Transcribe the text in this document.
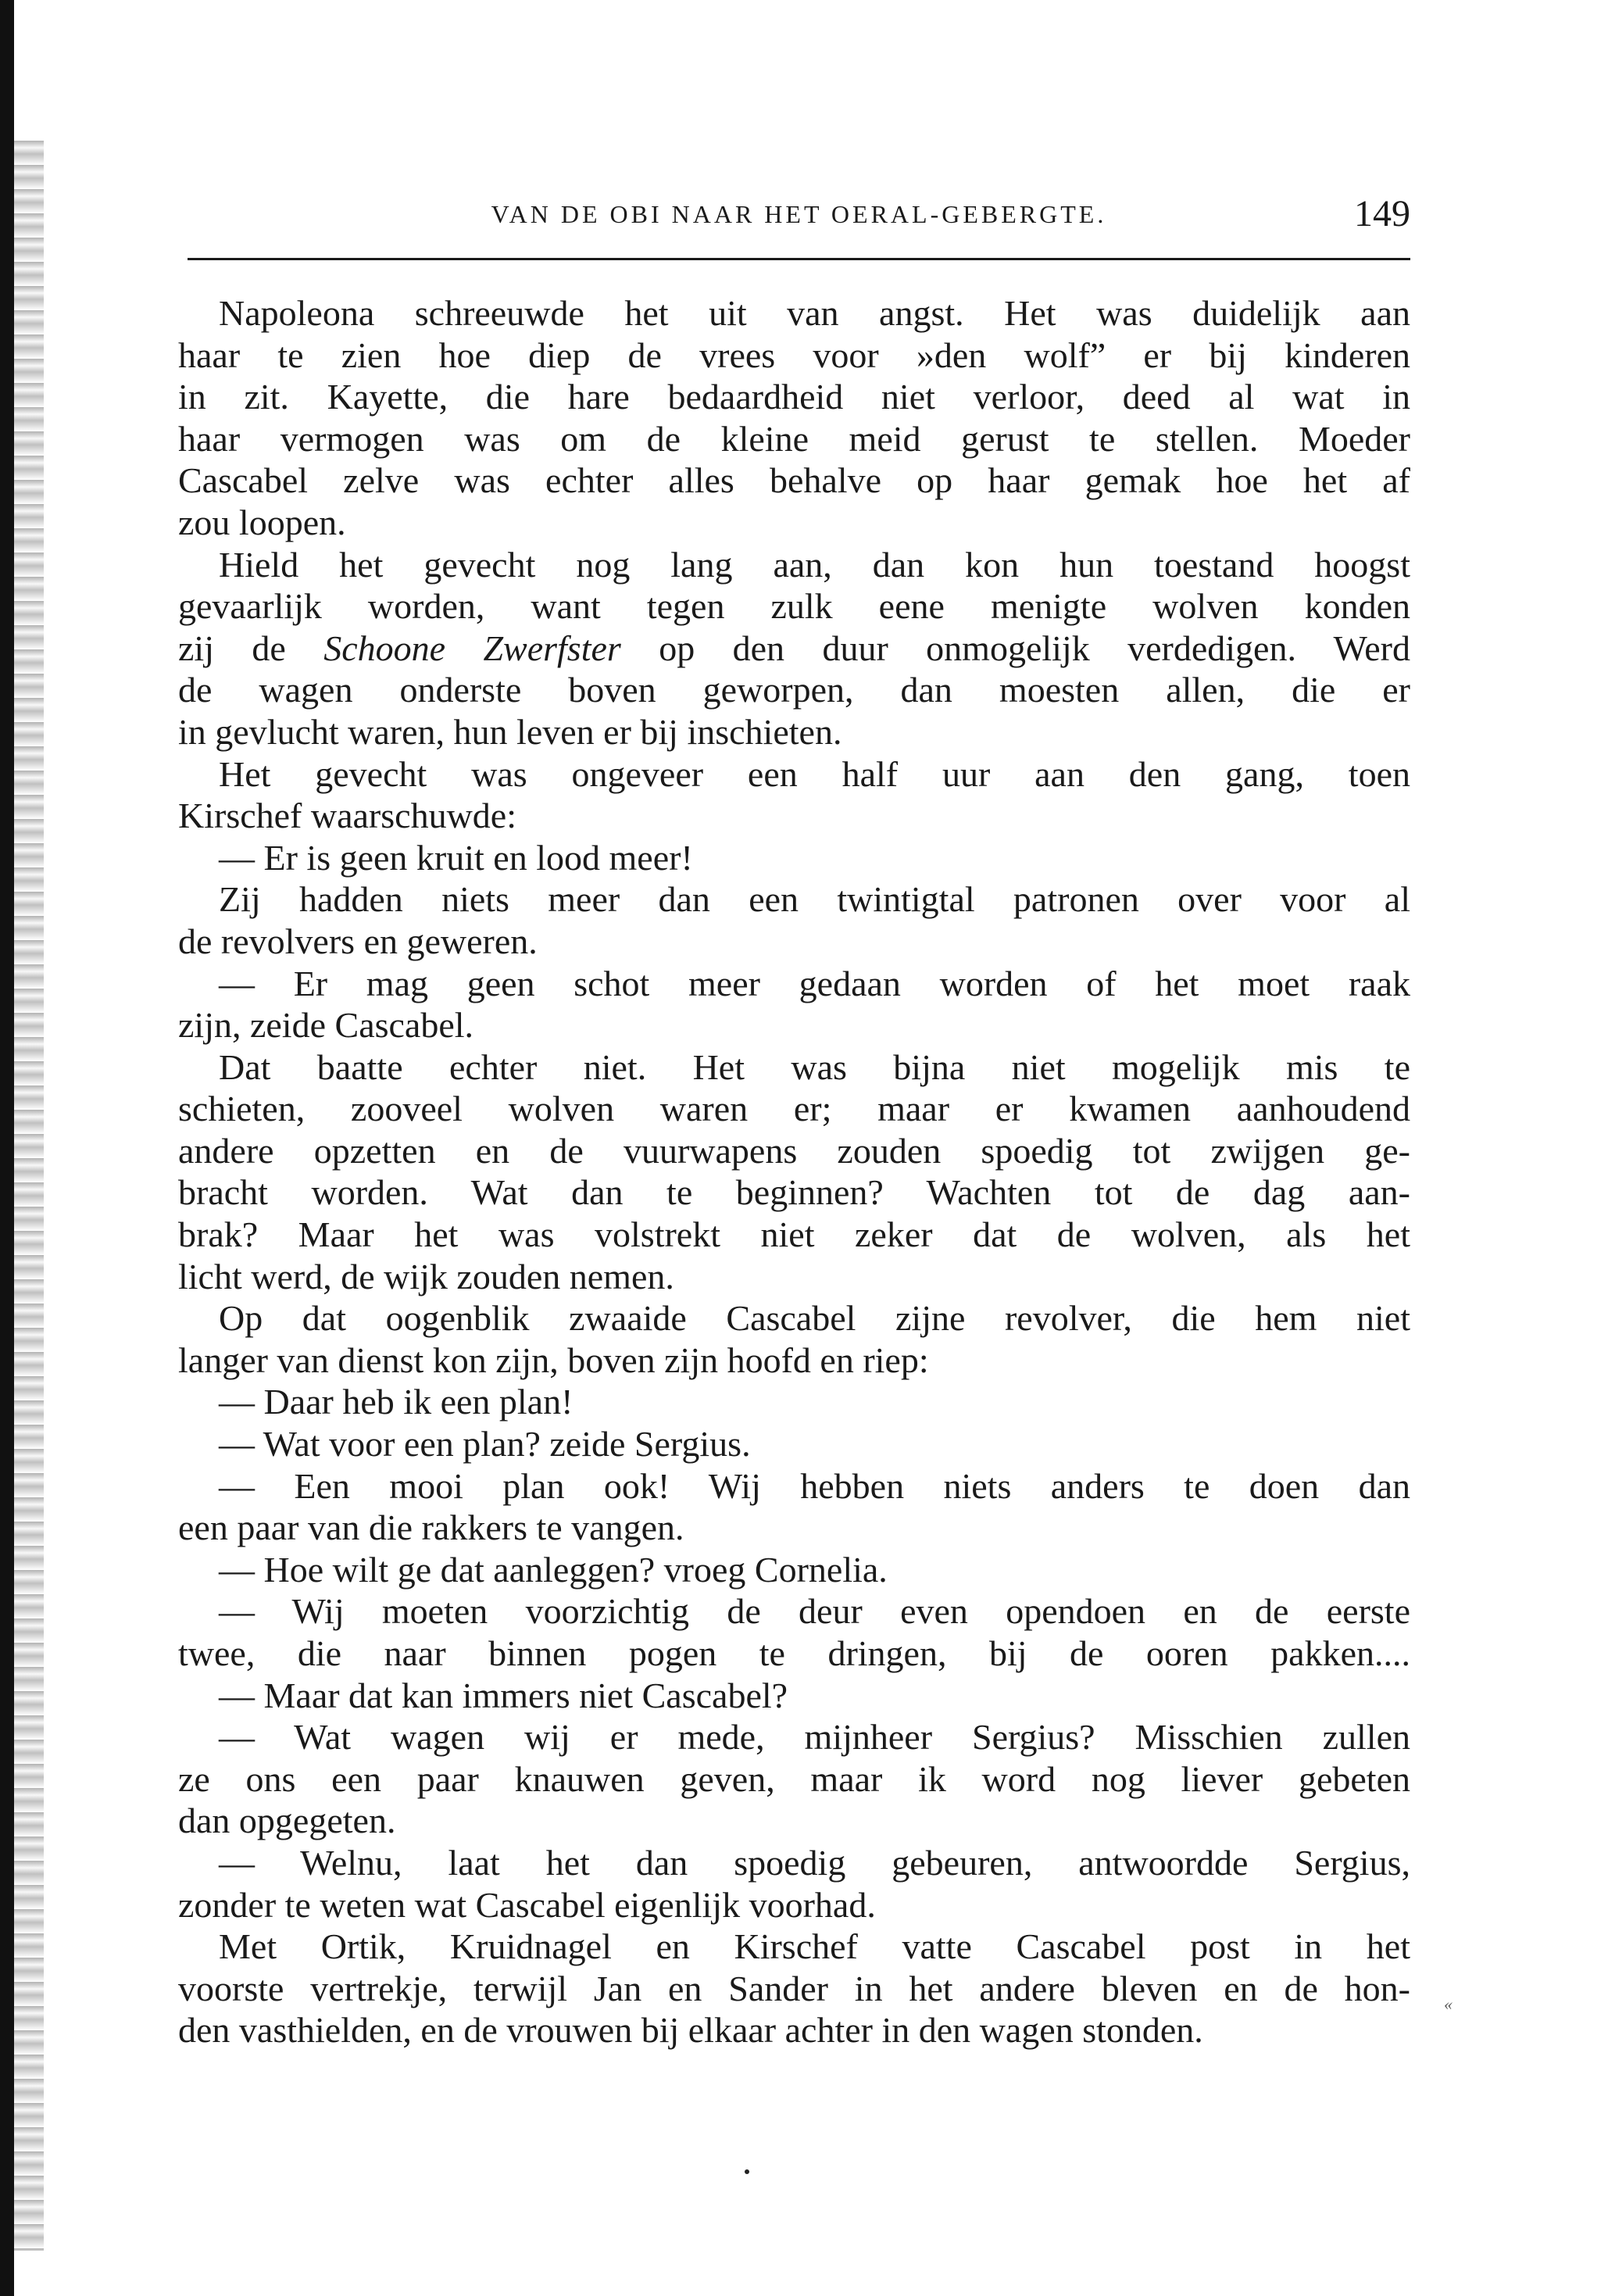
VAN DE OBI NAAR HET OERAL-GEBERGTE.	149
Napoleona schreeuwde het uit van angst. Het was duidelijk aan
haar te zien hoe diep de vrees voor »den wolf” er bij kinderen
in zit. Kayette, die hare bedaardheid niet verloor, deed al wat in
haar vermogen was om de kleine meid gerust te stellen. Moeder
Cascabel zelve was echter alles behalve op haar gemak hoe het af
zou loopen.
Hield het gevecht nog lang aan, dan kon hun toestand hoogst
gevaarlijk worden, want tegen zulk eene menigte wolven konden
zij de Schoone Zwerfster op den duur onmogelijk verdedigen. Werd
de wagen onderste boven geworpen, dan moesten allen, die er
in gevlucht waren, hun leven er bij inschieten.
Het gevecht was ongeveer een half uur aan den gang, toen
Kirschef waarschuwde:
— Er is geen kruit en lood meer!
Zij hadden niets meer dan een twintigtal patronen over voor al
de revolvers en geweren.
— Er mag geen schot meer gedaan worden of het moet raak
zijn, zeide Cascabel.
Dat baatte echter niet. Het was bijna niet mogelijk mis te
schieten, zooveel wolven waren er; maar er kwamen aanhoudend
andere opzetten en de vuurwapens zouden spoedig tot zwijgen ge-
bracht worden. Wat dan te beginnen? Wachten tot de dag aan-
brak? Maar het was volstrekt niet zeker dat de wolven, als het
licht werd, de wijk zouden nemen.
Op dat oogenblik zwaaide Cascabel zijne revolver, die hem niet
langer van dienst kon zijn, boven zijn hoofd en riep:
— Daar heb ik een plan!
— Wat voor een plan? zeide Sergius.
— Een mooi plan ook! Wij hebben niets anders te doen dan
een paar van die rakkers te vangen.
— Hoe wilt ge dat aanleggen? vroeg Cornelia.
— Wij moeten voorzichtig de deur even opendoen en de eerste
twee, die naar binnen pogen te dringen, bij de ooren pakken....
— Maar dat kan immers niet Cascabel?
— Wat wagen wij er mede, mijnheer Sergius? Misschien zullen
ze ons een paar knauwen geven, maar ik word nog liever gebeten
dan opgegeten.
— Welnu, laat het dan spoedig gebeuren, antwoordde Sergius,
zonder te weten wat Cascabel eigenlijk voorhad.
Met Ortik, Kruidnagel en Kirschef vatte Cascabel post in het
voorste vertrekje, terwijl Jan en Sander in het andere bleven en de hon-
den vasthielden, en de vrouwen bij elkaar achter in den wagen stonden.
«
